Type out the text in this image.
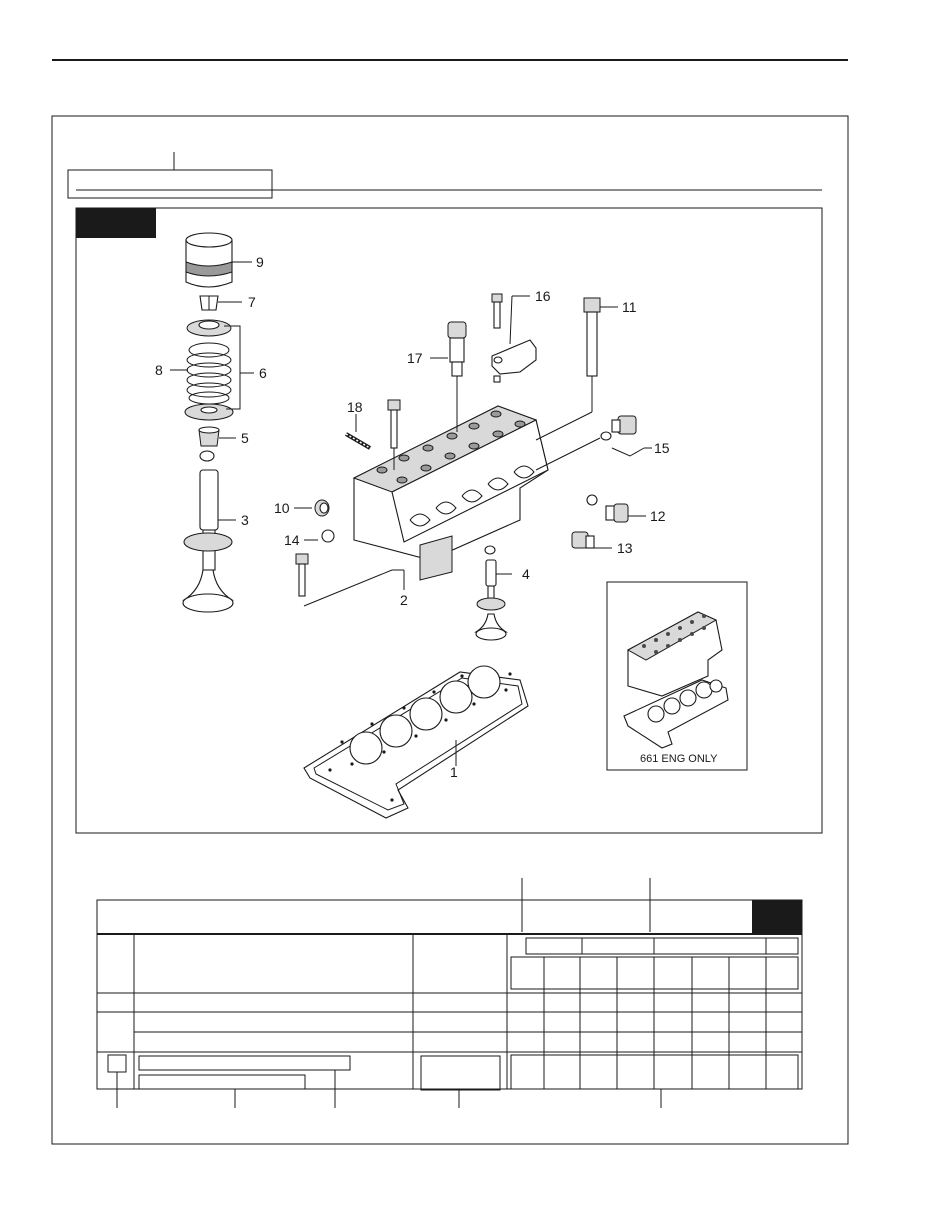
9
7
8	6
5
3
16
11
17
18
15
10	12
14	13
4
2
1
661 ENG ONLY
